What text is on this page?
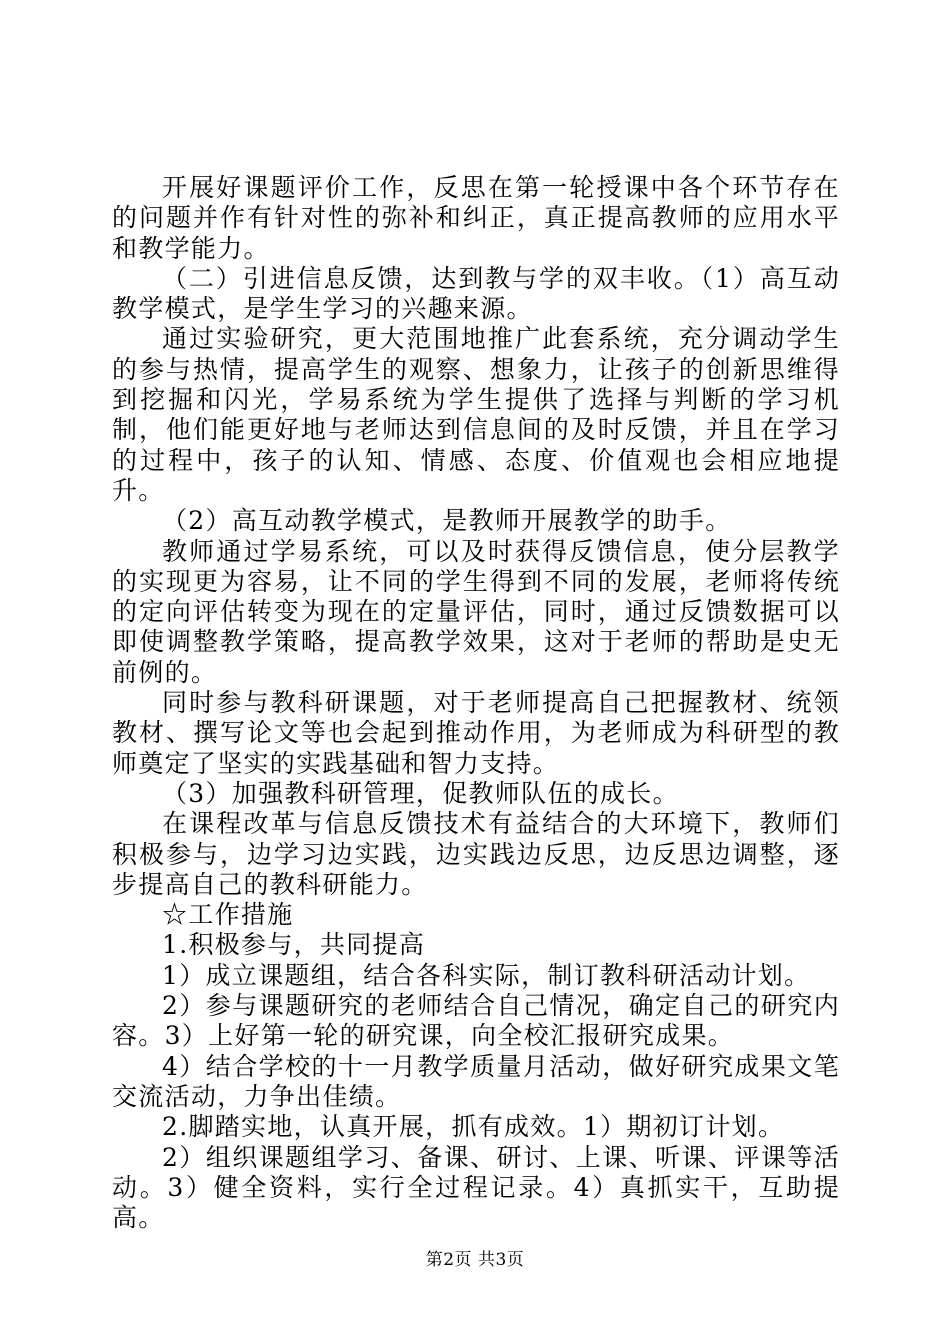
开展好课题评价工作，反思在第一轮授课中各个环节存在的问题并作有针对性的弥补和纠正，真正提高教师的应用水平和教学能力。

（二）引进信息反馈，达到教与学的双丰收。（1）高互动教学模式，是学生学习的兴趣来源。

通过实验研究，更大范围地推广此套系统，充分调动学生的参与热情，提高学生的观察、想象力，让孩子的创新思维得到挖掘和闪光，学易系统为学生提供了选择与判断的学习机制，他们能更好地与老师达到信息间的及时反馈，并且在学习的过程中，孩子的认知、情感、态度、价值观也会相应地提升。

（2）高互动教学模式，是教师开展教学的助手。

教师通过学易系统，可以及时获得反馈信息，使分层教学的实现更为容易，让不同的学生得到不同的发展，老师将传统的定向评估转变为现在的定量评估，同时，通过反馈数据可以即使调整教学策略，提高教学效果，这对于老师的帮助是史无前例的。

同时参与教科研课题，对于老师提高自己把握教材、统领教材、撰写论文等也会起到推动作用，为老师成为科研型的教师奠定了坚实的实践基础和智力支持。

（3）加强教科研管理，促教师队伍的成长。

在课程改革与信息反馈技术有益结合的大环境下，教师们积极参与，边学习边实践，边实践边反思，边反思边调整，逐步提高自己的教科研能力。

☆工作措施

1.积极参与，共同提高

1）成立课题组，结合各科实际，制订教科研活动计划。

2）参与课题研究的老师结合自己情况，确定自己的研究内容。3）上好第一轮的研究课，向全校汇报研究成果。

4）结合学校的十一月教学质量月活动，做好研究成果文笔交流活动，力争出佳绩。

2.脚踏实地，认真开展，抓有成效。1）期初订计划。

2）组织课题组学习、备课、研讨、上课、听课、评课等活动。3）健全资料，实行全过程记录。4）真抓实干，互助提高。

第2页 共3页
